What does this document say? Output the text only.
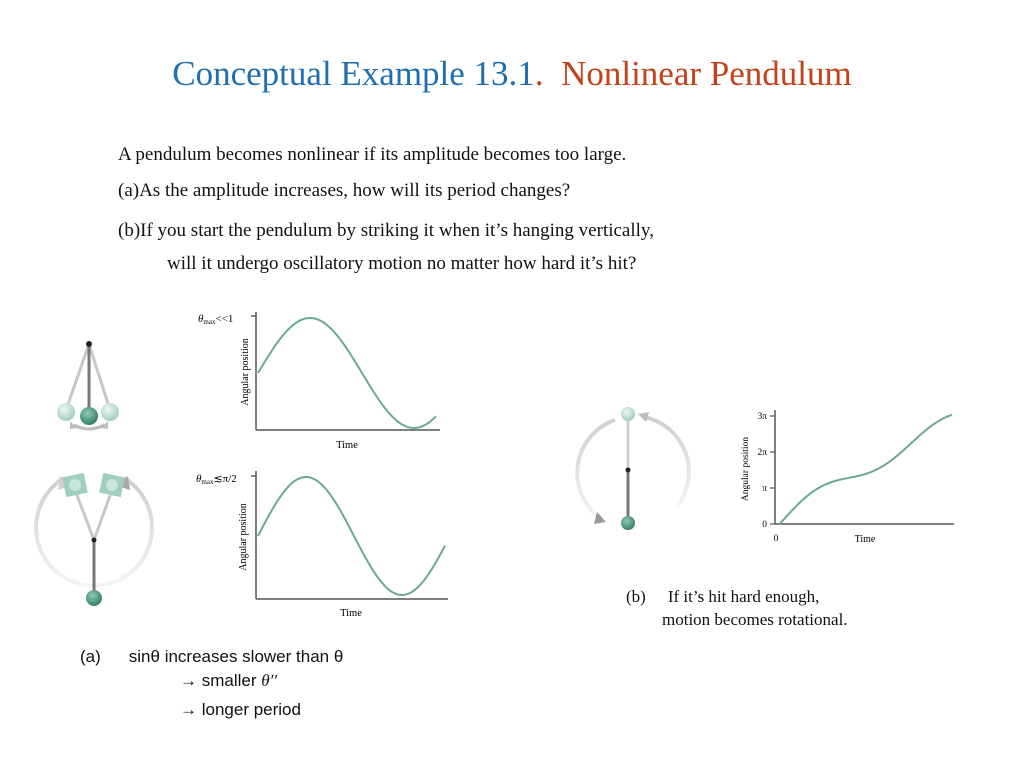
Conceptual Example 13.1. Nonlinear Pendulum
A pendulum becomes nonlinear if its amplitude becomes too large.
(a)As the amplitude increases, how will its period changes?
(b)If you start the pendulum by striking it when it’s hanging vertically,
will it undergo oscillatory motion no matter how hard it’s hit?
θmax<<1
Angular position
Time
θmax≲π/2
Angular position
Time
3π
2π
π
0
0
Angular position
Time
(b) If it’s hit hard enough,
motion becomes rotational.
(a) sinθ increases slower than θ
→ smaller θ′′
→ longer period
